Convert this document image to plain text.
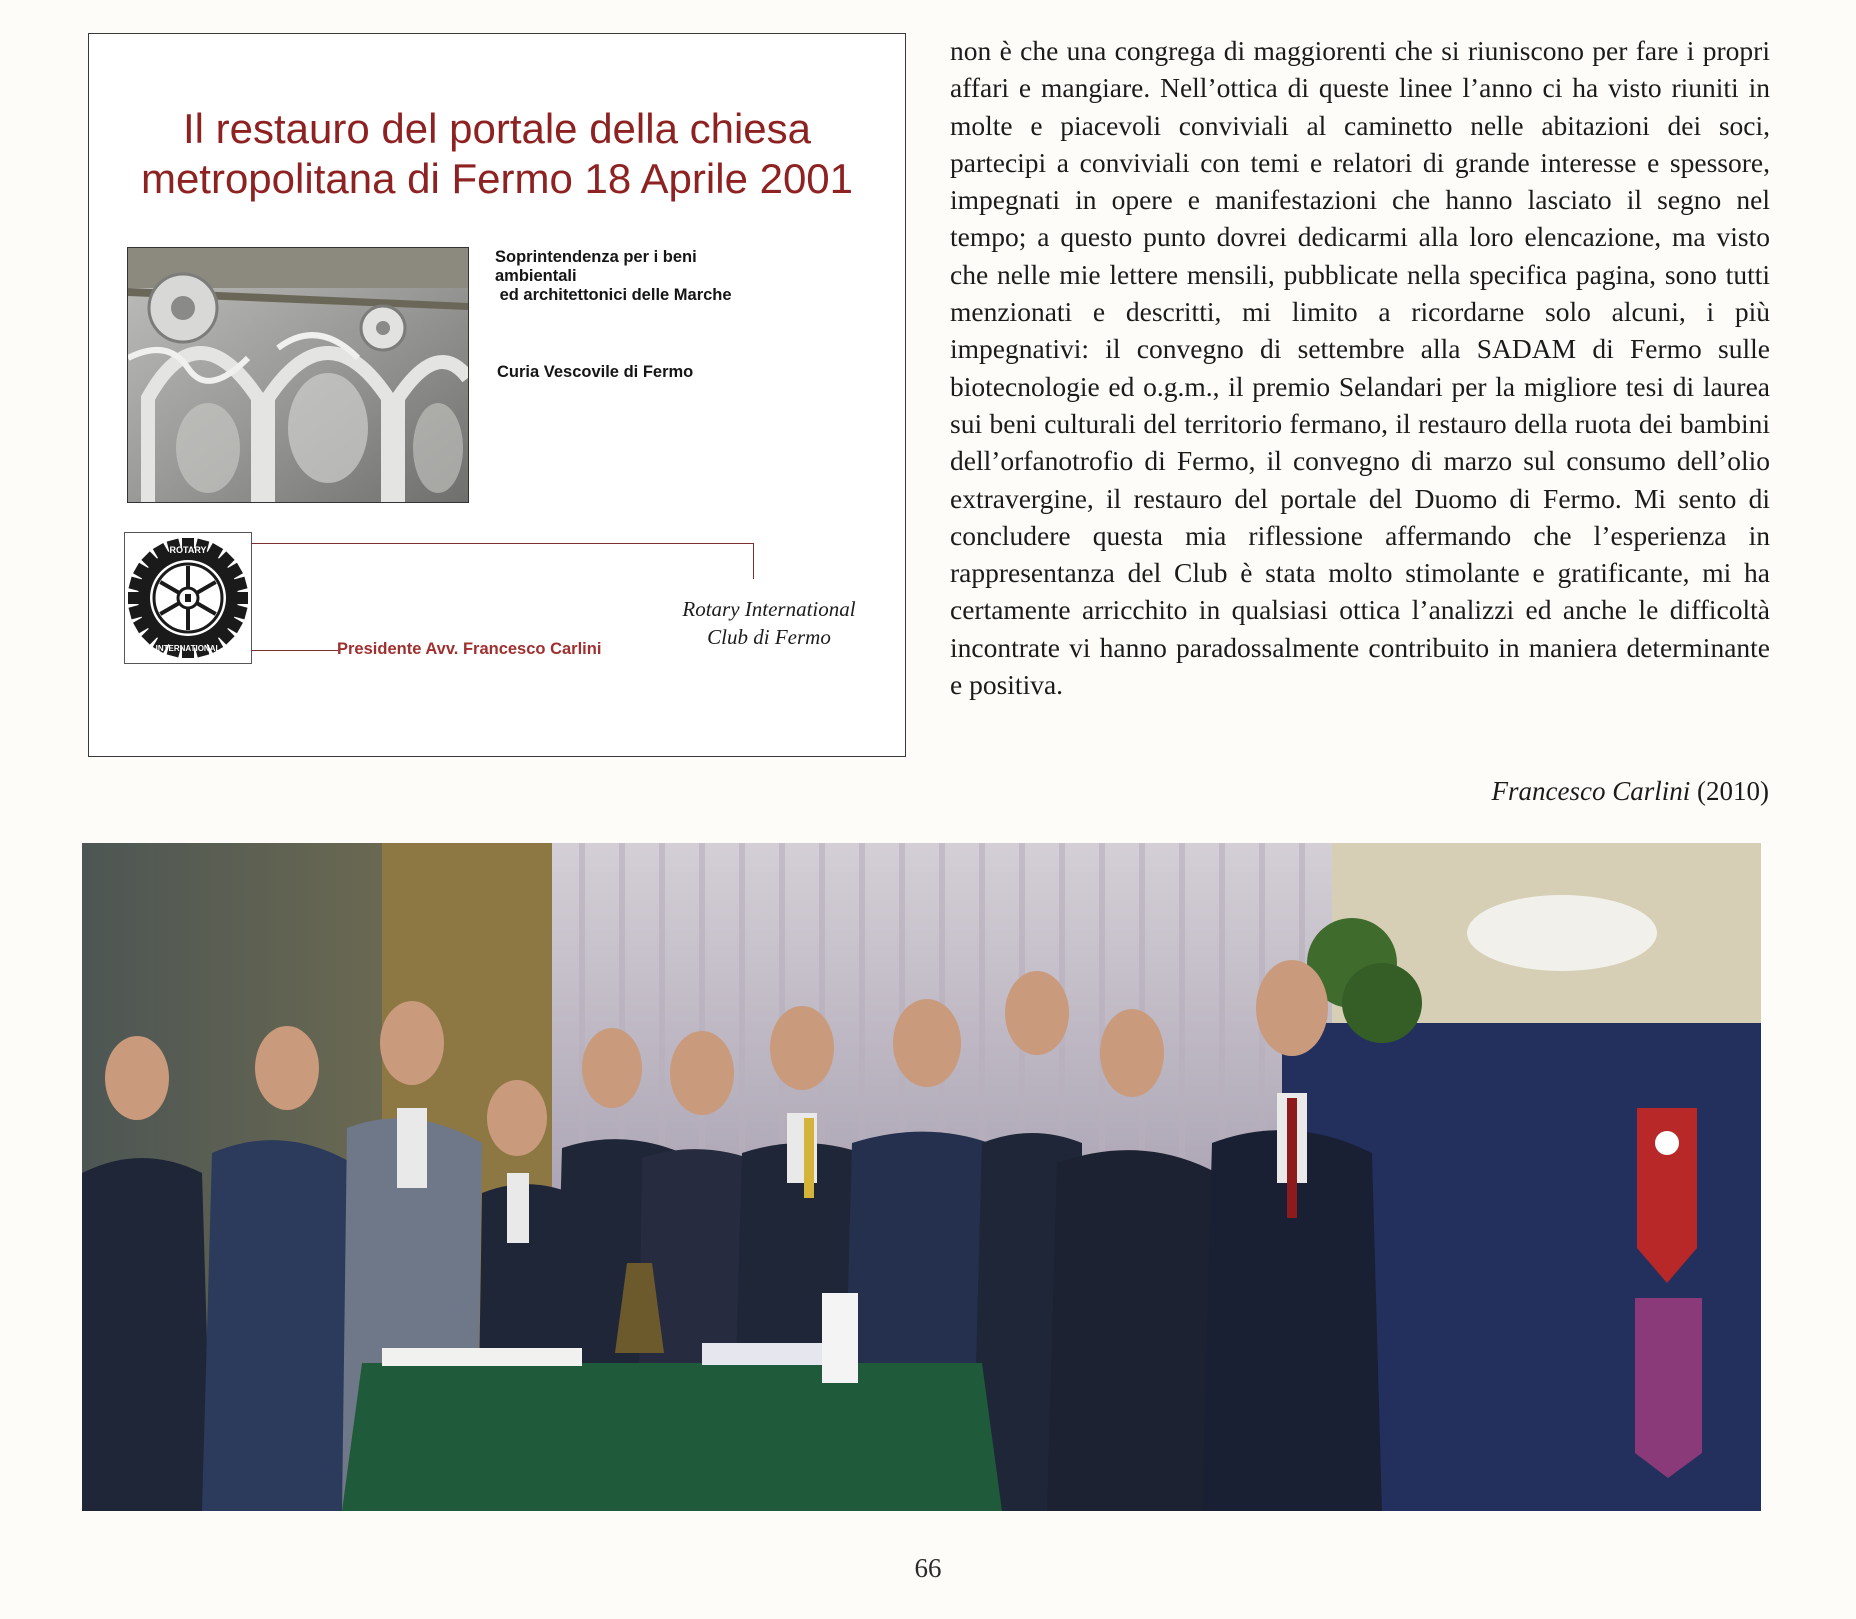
Il restauro del portale della chiesa
metropolitana di Fermo 18 Aprile 2001
Soprintendenza per i beni
ambientali
ed architettonici delle Marche
Curia Vescovile di Fermo
ROTARY
INTERNATIONAL	Presidente Avv. Francesco Carlini
Rotary International
Club di Fermo

non è che una congrega di maggiorenti che si riuniscono per fare i propri affari e mangiare. Nell’ottica di queste linee l’anno ci ha visto riuniti in molte e piacevoli conviviali al caminetto nelle abitazioni dei soci, partecipi a conviviali con temi e relatori di grande interesse e spessore, impegnati in opere e manifestazioni che hanno lasciato il segno nel tempo; a questo punto dovrei dedicarmi alla loro elencazione, ma visto che nelle mie lettere mensili, pubblicate nella specifica pagina, sono tutti menzionati e descritti, mi limito a ricordarne solo alcuni, i più impegnativi: il convegno di settembre alla SADAM di Fermo sulle biotecnologie ed o.g.m., il premio Selandari per la migliore tesi di laurea sui beni culturali del territorio fermano, il restauro della ruota dei bambini dell’orfanotrofio di Fermo, il convegno di marzo sul consumo dell’olio extravergine, il restauro del portale del Duomo di Fermo. Mi sento di concludere questa mia riflessione affermando che l’esperienza in rappresentanza del Club è stata molto stimolante e gratificante, mi ha certamente arricchito in qualsiasi ottica l’analizzi ed anche le difficoltà incontrate vi hanno paradossalmente contribuito in maniera determinante e positiva.

Francesco Carlini (2010)
66
